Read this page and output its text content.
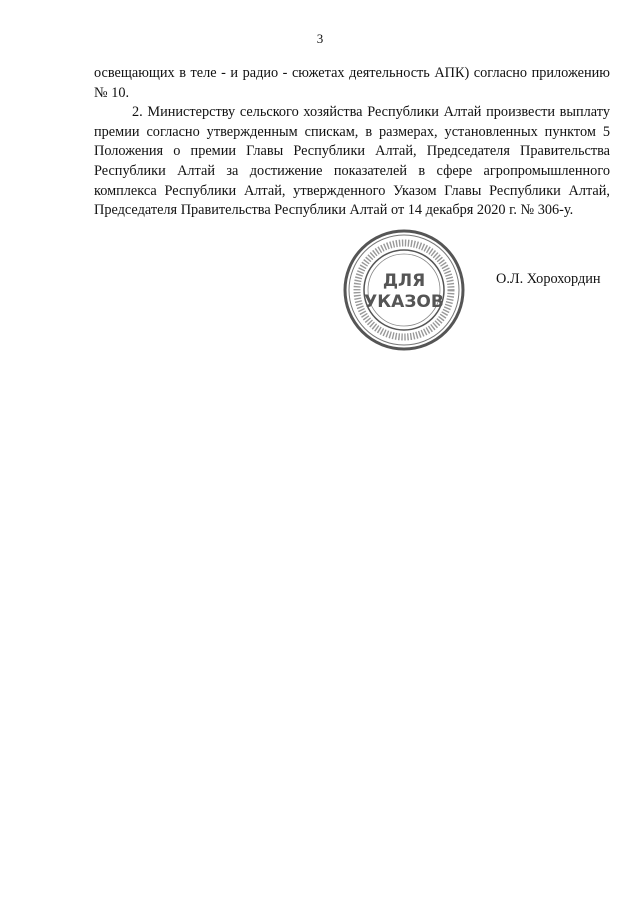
3

освещающих в теле - и радио - сюжетах деятельность АПК) согласно приложению № 10.

2. Министерству сельского хозяйства Республики Алтай произвести выплату премии согласно утвержденным спискам, в размерах, установленных пунктом 5 Положения о премии Главы Республики Алтай, Председателя Правительства Республики Алтай за достижение показателей в сфере агропромышленного комплекса Республики Алтай, утвержденного Указом Главы Республики Алтай, Председателя Правительства Республики Алтай от 14 декабря 2020 г. № 306-у.

ДЛЯ
УКАЗОВ
О.Л. Хорохордин
